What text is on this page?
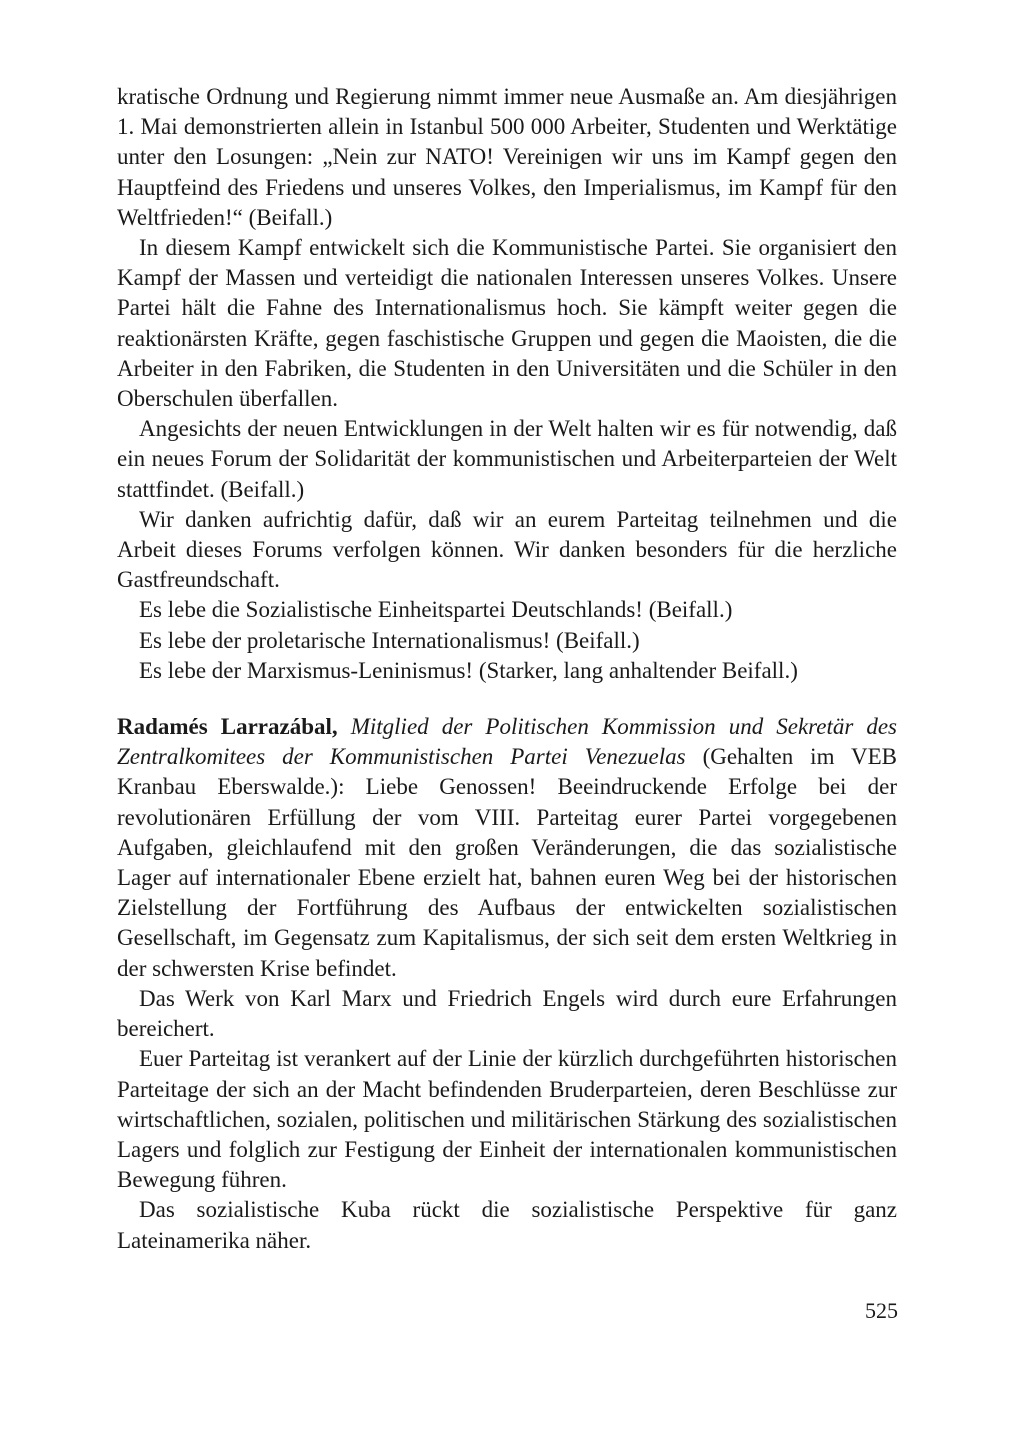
kratische Ordnung und Regierung nimmt immer neue Ausmaße an. Am diesjährigen 1. Mai demonstrierten allein in Istanbul 500 000 Arbeiter, Studenten und Werktätige unter den Losungen: „Nein zur NATO! Vereinigen wir uns im Kampf gegen den Hauptfeind des Friedens und unseres Volkes, den Imperialismus, im Kampf für den Weltfrieden!“ (Beifall.)

In diesem Kampf entwickelt sich die Kommunistische Partei. Sie organisiert den Kampf der Massen und verteidigt die nationalen Interessen unseres Volkes. Unsere Partei hält die Fahne des Internationalismus hoch. Sie kämpft weiter gegen die reaktionärsten Kräfte, gegen faschistische Gruppen und gegen die Maoisten, die die Arbeiter in den Fabriken, die Studenten in den Universitäten und die Schüler in den Oberschulen überfallen.

Angesichts der neuen Entwicklungen in der Welt halten wir es für notwendig, daß ein neues Forum der Solidarität der kommunistischen und Arbeiterparteien der Welt stattfindet. (Beifall.)

Wir danken aufrichtig dafür, daß wir an eurem Parteitag teilnehmen und die Arbeit dieses Forums verfolgen können. Wir danken besonders für die herzliche Gastfreundschaft.

Es lebe die Sozialistische Einheitspartei Deutschlands! (Beifall.)

Es lebe der proletarische Internationalismus! (Beifall.)

Es lebe der Marxismus-Leninismus! (Starker, lang anhaltender Beifall.)

Radamés Larrazábal, Mitglied der Politischen Kommission und Sekretär des Zentralkomitees der Kommunistischen Partei Venezuelas (Gehalten im VEB Kranbau Eberswalde.): Liebe Genossen! Beeindruckende Erfolge bei der revolutionären Erfüllung der vom VIII. Parteitag eurer Partei vorgegebenen Aufgaben, gleichlaufend mit den großen Veränderungen, die das sozialistische Lager auf internationaler Ebene erzielt hat, bahnen euren Weg bei der historischen Zielstellung der Fortführung des Aufbaus der entwickelten sozialistischen Gesellschaft, im Gegensatz zum Kapitalismus, der sich seit dem ersten Weltkrieg in der schwersten Krise befindet.

Das Werk von Karl Marx und Friedrich Engels wird durch eure Erfahrungen bereichert.

Euer Parteitag ist verankert auf der Linie der kürzlich durchgeführten historischen Parteitage der sich an der Macht befindenden Bruderparteien, deren Beschlüsse zur wirtschaftlichen, sozialen, politischen und militärischen Stärkung des sozialistischen Lagers und folglich zur Festigung der Einheit der internationalen kommunistischen Bewegung führen.

Das sozialistische Kuba rückt die sozialistische Perspektive für ganz Lateinamerika näher.

525
